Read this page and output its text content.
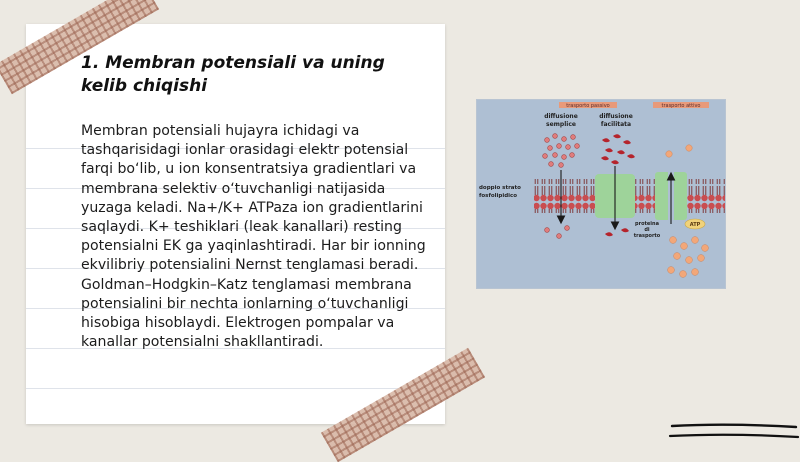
1. Membran potensiali va uning kelib chiqishi

Membran potensiali hujayra ichidagi va tashqarisidagi ionlar orasidagi elektr potensial farqi bo‘lib, u ion konsentratsiya gradientlari va membrana selektiv o‘tuvchanligi natijasida yuzaga keladi. Na+/K+ ATPaza ion gradientlarini saqlaydi. K+ teshiklari (leak kanallari) resting potensialni EK ga yaqinlashtiradi. Har bir ionning ekvilibriy potensialini Nernst tenglamasi beradi. Goldman–Hodgkin–Katz tenglamasi membrana potensialini bir nechta ionlarning o‘tuvchanligi hisobiga hisoblaydi. Elektrogen pompalar va kanallar potensialni shakllantiradi.

trasporto passivo	trasporto attivo
diffusione
semplice
diffusione
facilitata
doppio strato
fosfolipidico
ATP
proteina
di
trasporto
